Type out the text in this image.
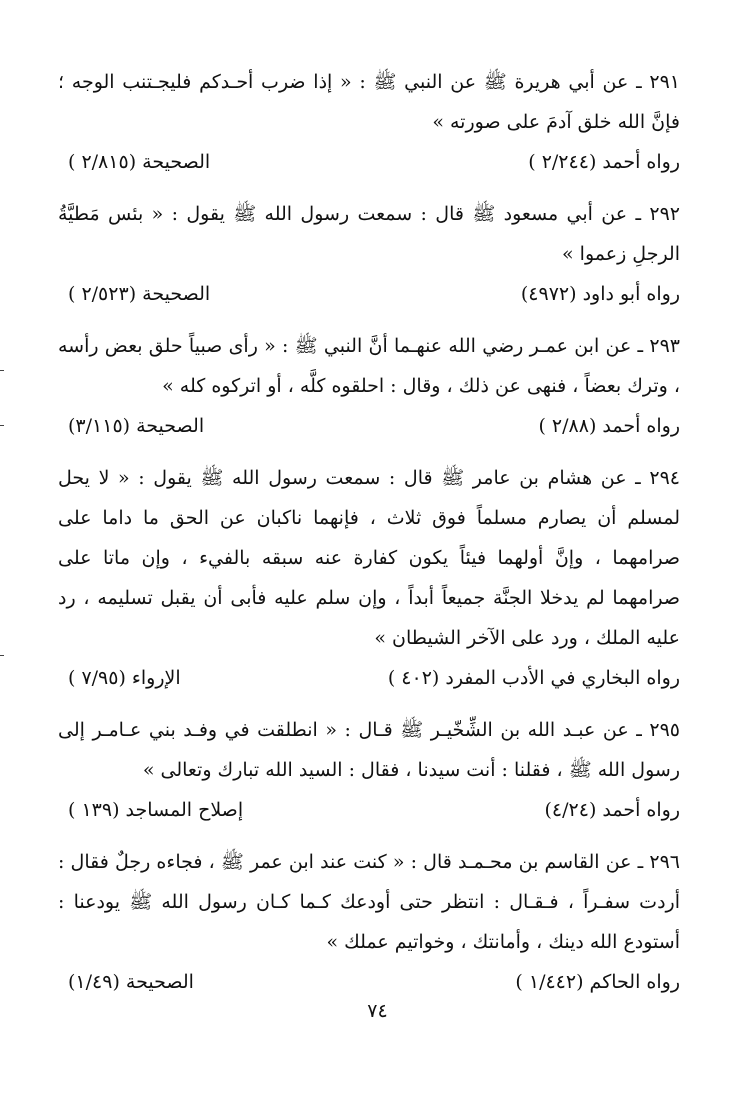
٢٩١ ـ عن أبي هريرة ﷺ عن النبي ﷺ : « إذا ضرب أحـدكم فليجـتنب الوجه ؛ فإنَّ الله خلق آدمَ على صورته »

رواه أحمد (٢/٢٤٤ )
الصحيحة (٢/٨١٥ )

٢٩٢ ـ عن أبي مسعود ﷺ قال : سمعت رسول الله ﷺ يقول : « بئس مَطيَّةُ الرجلِ زعموا »

رواه أبو داود (٤٩٧٢)
الصحيحة (٢/٥٢٣ )

٢٩٣ ـ عن ابن عمـر رضي الله عنهـما أنَّ النبي ﷺ : « رأى صبياً حلق بعض رأسه ، وترك بعضاً ، فنهى عن ذلك ، وقال : احلقوه كلَّه ، أو اتركوه كله »

رواه أحمد (٢/٨٨ )
الصحيحة (٣/١١٥)

٢٩٤ ـ عن هشام بن عامر ﷺ قال : سمعت رسول الله ﷺ يقول : « لا يحل لمسلم أن يصارم مسلماً فوق ثلاث ، فإنهما ناكبان عن الحق ما داما على صرامهما ، وإنَّ أولهما فيئاً يكون كفارة عنه سبقه بالفيء ، وإن ماتا على صرامهما لم يدخلا الجنَّة جميعاً أبداً ، وإن سلم عليه فأبى أن يقبل تسليمه ، رد عليه الملك ، ورد على الآخر الشيطان »

رواه البخاري في الأدب المفرد (٤٠٢ )
الإرواء (٧/٩٥ )

٢٩٥ ـ عن عبـد الله بن الشِّخّيـر ﷺ قـال : « انطلقت في وفـد بني عـامـر إلى رسول الله ﷺ ، فقلنا : أنت سيدنا ، فقال : السيد الله تبارك وتعالى »

رواه أحمد (٤/٢٤)
إصلاح المساجد (١٣٩ )

٢٩٦ ـ عن القاسم بن محـمـد قال : « كنت عند ابن عمر ﷺ ، فجاءه رجلٌ فقال : أردت سفـراً ، فـقـال : انتظر حتى أودعك كـما كـان رسول الله ﷺ يودعنا : أستودع الله دينك ، وأمانتك ، وخواتيم عملك »

رواه الحاكم (١/٤٤٢ )
الصحيحة (١/٤٩)
٧٤
